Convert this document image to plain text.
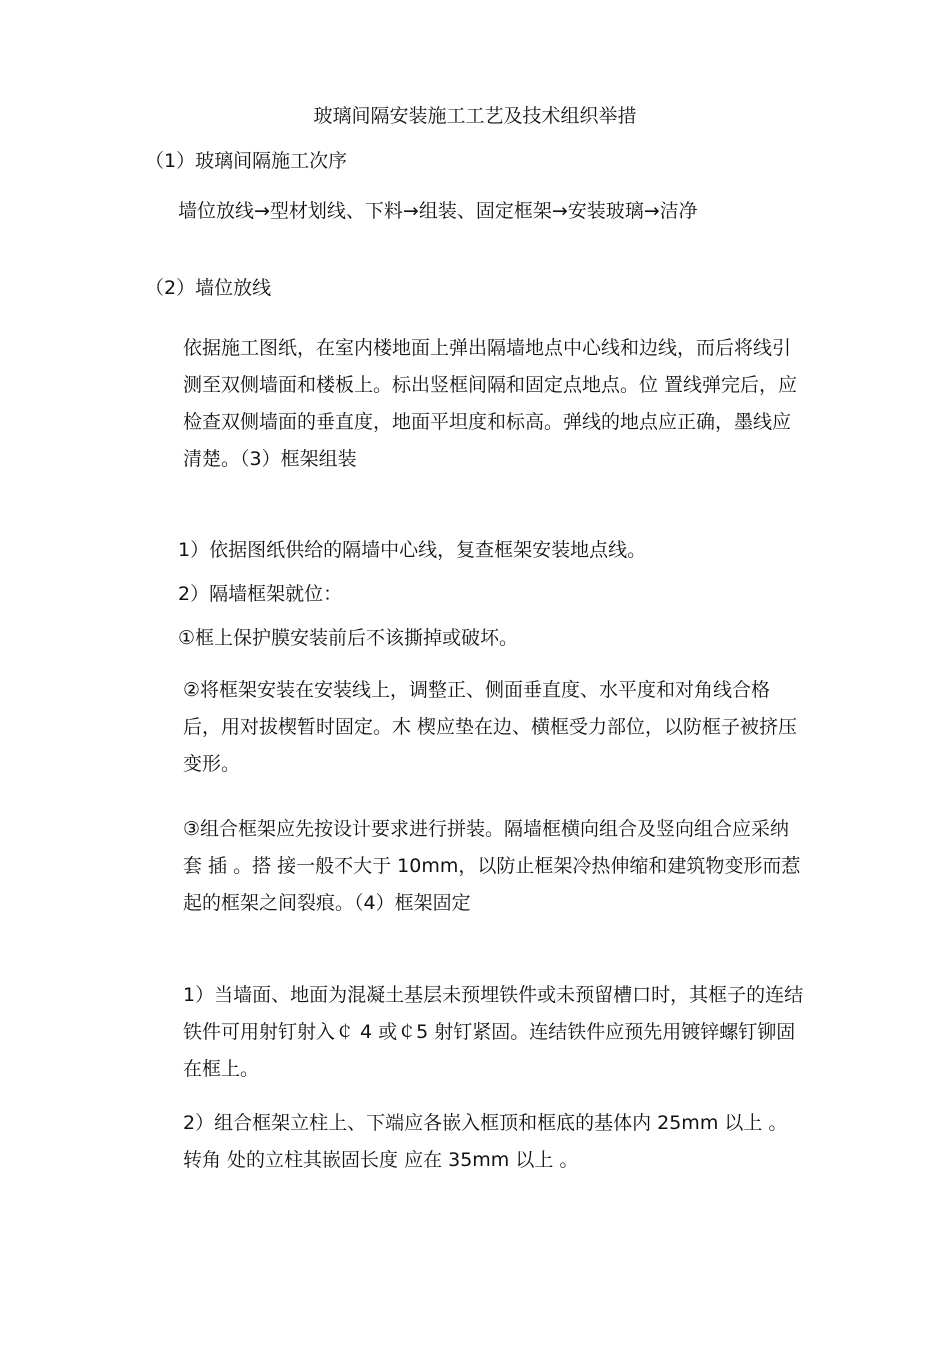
玻璃间隔安装施工工艺及技术组织举措
（1）玻璃间隔施工次序
墙位放线→型材划线、下料→组装、固定框架→安装玻璃→洁净
（2）墙位放线
依据施工图纸，在室内楼地面上弹出隔墙地点中心线和边线，而后将线引测至双侧墙面和楼板上。标出竖框间隔和固定点地点。位 置线弹完后，应检查双侧墙面的垂直度，地面平坦度和标高。弹线的地点应正确，墨线应清楚。（3）框架组装
1）依据图纸供给的隔墙中心线，复查框架安装地点线。
2）隔墙框架就位：
①框上保护膜安装前后不该撕掉或破坏。
②将框架安装在安装线上，调整正、侧面垂直度、水平度和对角线合格后，用对拔楔暂时固定。木 楔应垫在边、横框受力部位，以防框子被挤压变形。
③组合框架应先按设计要求进行拼装。隔墙框横向组合及竖向组合应采纳套 插 。搭 接一般不大于 10mm，以防止框架冷热伸缩和建筑物变形而惹起的框架之间裂痕。（4）框架固定
1）当墙面、地面为混凝土基层未预埋铁件或未预留槽口时，其框子的连结铁件可用射钉射入￠ 4 或￠5 射钉紧固。连结铁件应预先用镀锌螺钉铆固在框上。
2）组合框架立柱上、下端应各嵌入框顶和框底的基体内 25mm 以上 。 转角 处的立柱其嵌固长度 应在 35mm 以上 。
